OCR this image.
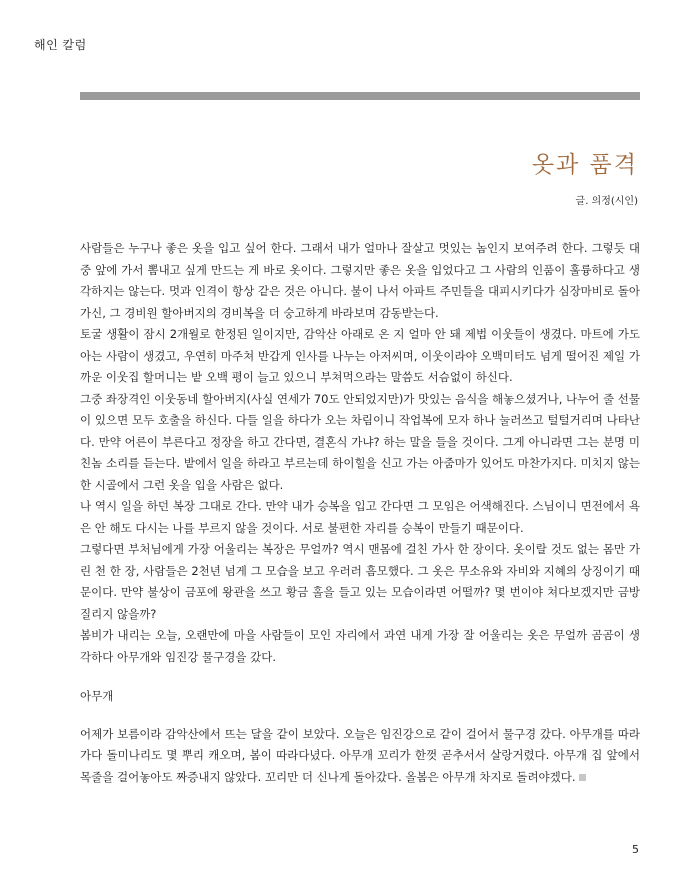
해인 칼럼
옷과 품격
글. 의정(시인)

사람들은 누구나 좋은 옷을 입고 싶어 한다. 그래서 내가 얼마나 잘살고 멋있는 놈인지 보여주려 한다. 그렇듯 대중 앞에 가서 뽐내고 싶게 만드는 게 바로 옷이다. 그렇지만 좋은 옷을 입었다고 그 사람의 인품이 훌륭하다고 생각하지는 않는다. 멋과 인격이 항상 같은 것은 아니다. 불이 나서 아파트 주민들을 대피시키다가 심장마비로 돌아가신, 그 경비원 할아버지의 경비복을 더 숭고하게 바라보며 감동받는다.

토굴 생활이 잠시 2개월로 한정된 일이지만, 감악산 아래로 온 지 얼마 안 돼 제법 이웃들이 생겼다. 마트에 가도 아는 사람이 생겼고, 우연히 마주쳐 반갑게 인사를 나누는 아저씨며, 이웃이라야 오백미터도 넘게 떨어진 제일 가까운 이웃집 할머니는 밭 오백 평이 늘고 있으니 부쳐먹으라는 말씀도 서슴없이 하신다.

그중 좌장격인 이웃동네 할아버지(사실 연세가 70도 안되었지만)가 맛있는 음식을 해놓으셨거나, 나누어 줄 선물이 있으면 모두 호출을 하신다. 다들 일을 하다가 오는 차림이니 작업복에 모자 하나 눌러쓰고 털털거리며 나타난다. 만약 어른이 부른다고 정장을 하고 간다면, 결혼식 가냐? 하는 말을 들을 것이다. 그게 아니라면 그는 분명 미친놈 소리를 듣는다. 밭에서 일을 하라고 부르는데 하이힐을 신고 가는 아줌마가 있어도 마찬가지다. 미치지 않는 한 시골에서 그런 옷을 입을 사람은 없다.

나 역시 일을 하던 복장 그대로 간다. 만약 내가 승복을 입고 간다면 그 모임은 어색해진다. 스님이니 면전에서 욕은 안 해도 다시는 나를 부르지 않을 것이다. 서로 불편한 자리를 승복이 만들기 때문이다.

그렇다면 부처님에게 가장 어울리는 복장은 무얼까? 역시 맨몸에 걸친 가사 한 장이다. 옷이랄 것도 없는 몸만 가린 천 한 장, 사람들은 2천년 넘게 그 모습을 보고 우러러 흠모했다. 그 옷은 무소유와 자비와 지혜의 상징이기 때문이다. 만약 불상이 금포에 왕관을 쓰고 황금 홀을 들고 있는 모습이라면 어떨까? 몇 번이야 쳐다보겠지만 금방 질리지 않을까?

봄비가 내리는 오늘, 오랜만에 마을 사람들이 모인 자리에서 과연 내게 가장 잘 어울리는 옷은 무얼까 곰곰이 생각하다 아무개와 임진강 물구경을 갔다.

아무개

어제가 보름이라 감악산에서 뜨는 달을 같이 보았다. 오늘은 임진강으로 같이 걸어서 물구경 갔다. 아무개를 따라가다 돌미나리도 몇 뿌리 캐오며, 봄이 따라다녔다. 아무개 꼬리가 한껏 곧추서서 살랑거렸다. 아무개 집 앞에서 목줄을 걸어놓아도 짜증내지 않았다. 꼬리만 더 신나게 돌아갔다. 올봄은 아무개 차지로 돌려야겠다.

5
